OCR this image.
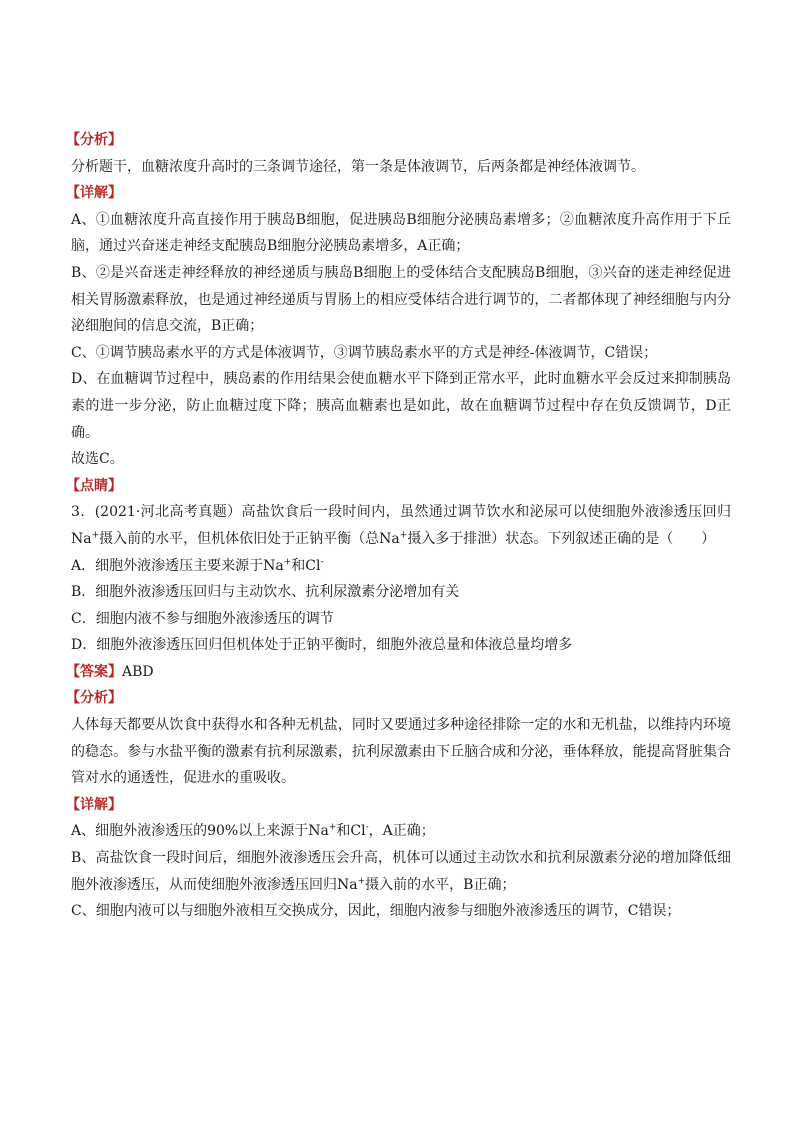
【分析】
分析题干，血糖浓度升高时的三条调节途径，第一条是体液调节，后两条都是神经体液调节。
【详解】
A、①血糖浓度升高直接作用于胰岛B细胞，促进胰岛B细胞分泌胰岛素增多；②血糖浓度升高作用于下丘脑，通过兴奋迷走神经支配胰岛B细胞分泌胰岛素增多，A正确；
B、②是兴奋迷走神经释放的神经递质与胰岛B细胞上的受体结合支配胰岛B细胞，③兴奋的迷走神经促进相关胃肠激素释放，也是通过神经递质与胃肠上的相应受体结合进行调节的，二者都体现了神经细胞与内分泌细胞间的信息交流，B正确；
C、①调节胰岛素水平的方式是体液调节，③调节胰岛素水平的方式是神经-体液调节，C错误；
D、在血糖调节过程中，胰岛素的作用结果会使血糖水平下降到正常水平，此时血糖水平会反过来抑制胰岛素的进一步分泌，防止血糖过度下降；胰高血糖素也是如此，故在血糖调节过程中存在负反馈调节，D正确。
故选C。
【点睛】
3．(2021·河北高考真题）高盐饮食后一段时间内，虽然通过调节饮水和泌尿可以使细胞外液渗透压回归Na+摄入前的水平，但机体依旧处于正钠平衡（总Na+摄入多于排泄）状态。下列叙述正确的是（　　）
A．细胞外液渗透压主要来源于Na+和Cl-
B．细胞外液渗透压回归与主动饮水、抗利尿激素分泌增加有关
C．细胞内液不参与细胞外液渗透压的调节
D．细胞外液渗透压回归但机体处于正钠平衡时，细胞外液总量和体液总量均增多
【答案】ABD
【分析】
人体每天都要从饮食中获得水和各种无机盐，同时又要通过多种途径排除一定的水和无机盐，以维持内环境的稳态。参与水盐平衡的激素有抗利尿激素，抗利尿激素由下丘脑合成和分泌，垂体释放，能提高肾脏集合管对水的通透性，促进水的重吸收。
【详解】
A、细胞外液渗透压的90%以上来源于Na+和Cl-，A正确；
B、高盐饮食一段时间后，细胞外液渗透压会升高，机体可以通过主动饮水和抗利尿激素分泌的增加降低细胞外液渗透压，从而使细胞外液渗透压回归Na+摄入前的水平，B正确；
C、细胞内液可以与细胞外液相互交换成分，因此，细胞内液参与细胞外液渗透压的调节，C错误；
